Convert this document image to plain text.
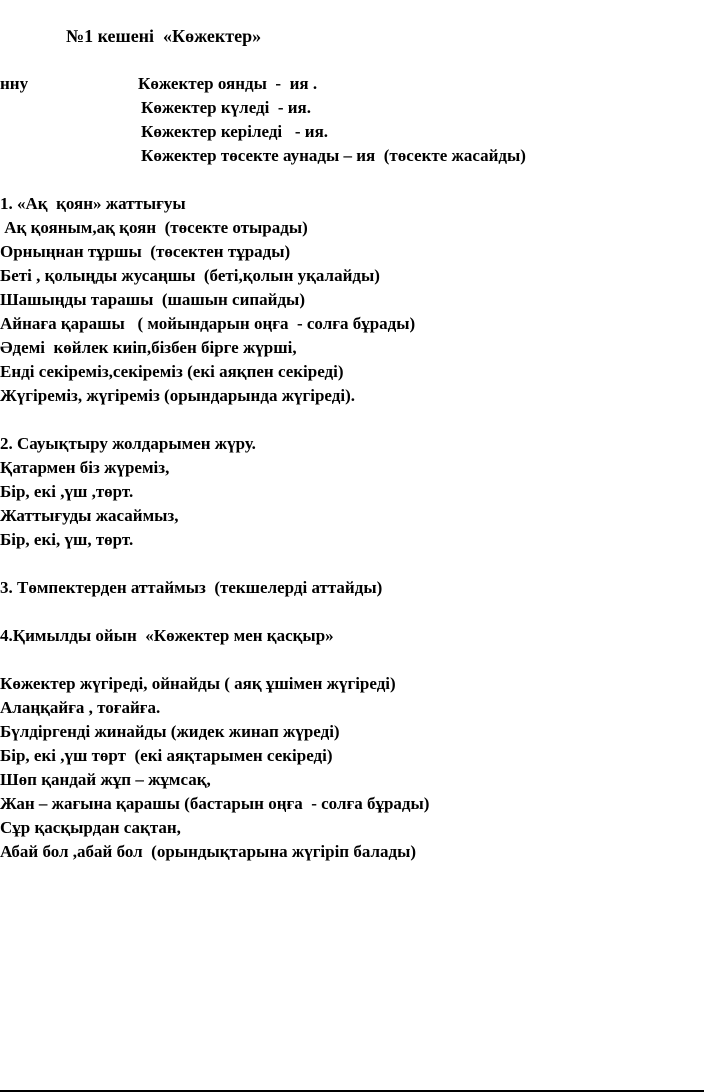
№1 кешені  «Көжектер»
нну	Көжектер оянды  -  ия .
Көжектер күледі  - ия.
Көжектер керіледі   - ия.
Көжектер төсекте аунады – ия  (төсекте жасайды)
1. «Ақ  қоян» жаттығуы
Ақ қояным,ақ қоян  (төсекте отырады)
Орныңнан тұршы  (төсектен тұрады)
Беті , қолыңды жусаңшы  (беті,қолын уқалайды)
Шашыңды тарашы  (шашын сипайды)
Айнаға қарашы   ( мойындарын оңға  - солға бұрады)
Әдемі  көйлек киіп,бізбен бірге жүрші,
Енді секіреміз,секіреміз (екі аяқпен секіреді)
Жүгіреміз, жүгіреміз (орындарында жүгіреді).
2. Сауықтыру жолдарымен жүру.
Қатармен біз жүреміз,
Бір, екі ,үш ,төрт.
Жаттығуды жасаймыз,
Бір, екі, үш, төрт.
3. Төмпектерден аттаймыз  (текшелерді аттайды)
4.Қимылды ойын  «Көжектер мен қасқыр»
Көжектер жүгіреді, ойнайды ( аяқ ұшімен жүгіреді)
Алаңқайға , тоғайға.
Бүлдіргенді жинайды (жидек жинап жүреді)
Бір, екі ,үш төрт  (екі аяқтарымен секіреді)
Шөп қандай жұп – жұмсақ,
Жан – жағына қарашы (бастарын оңға  - солға бұрады)
Сұр қасқырдан сақтан,
Абай бол ,абай бол  (орындықтарына жүгіріп балады)
